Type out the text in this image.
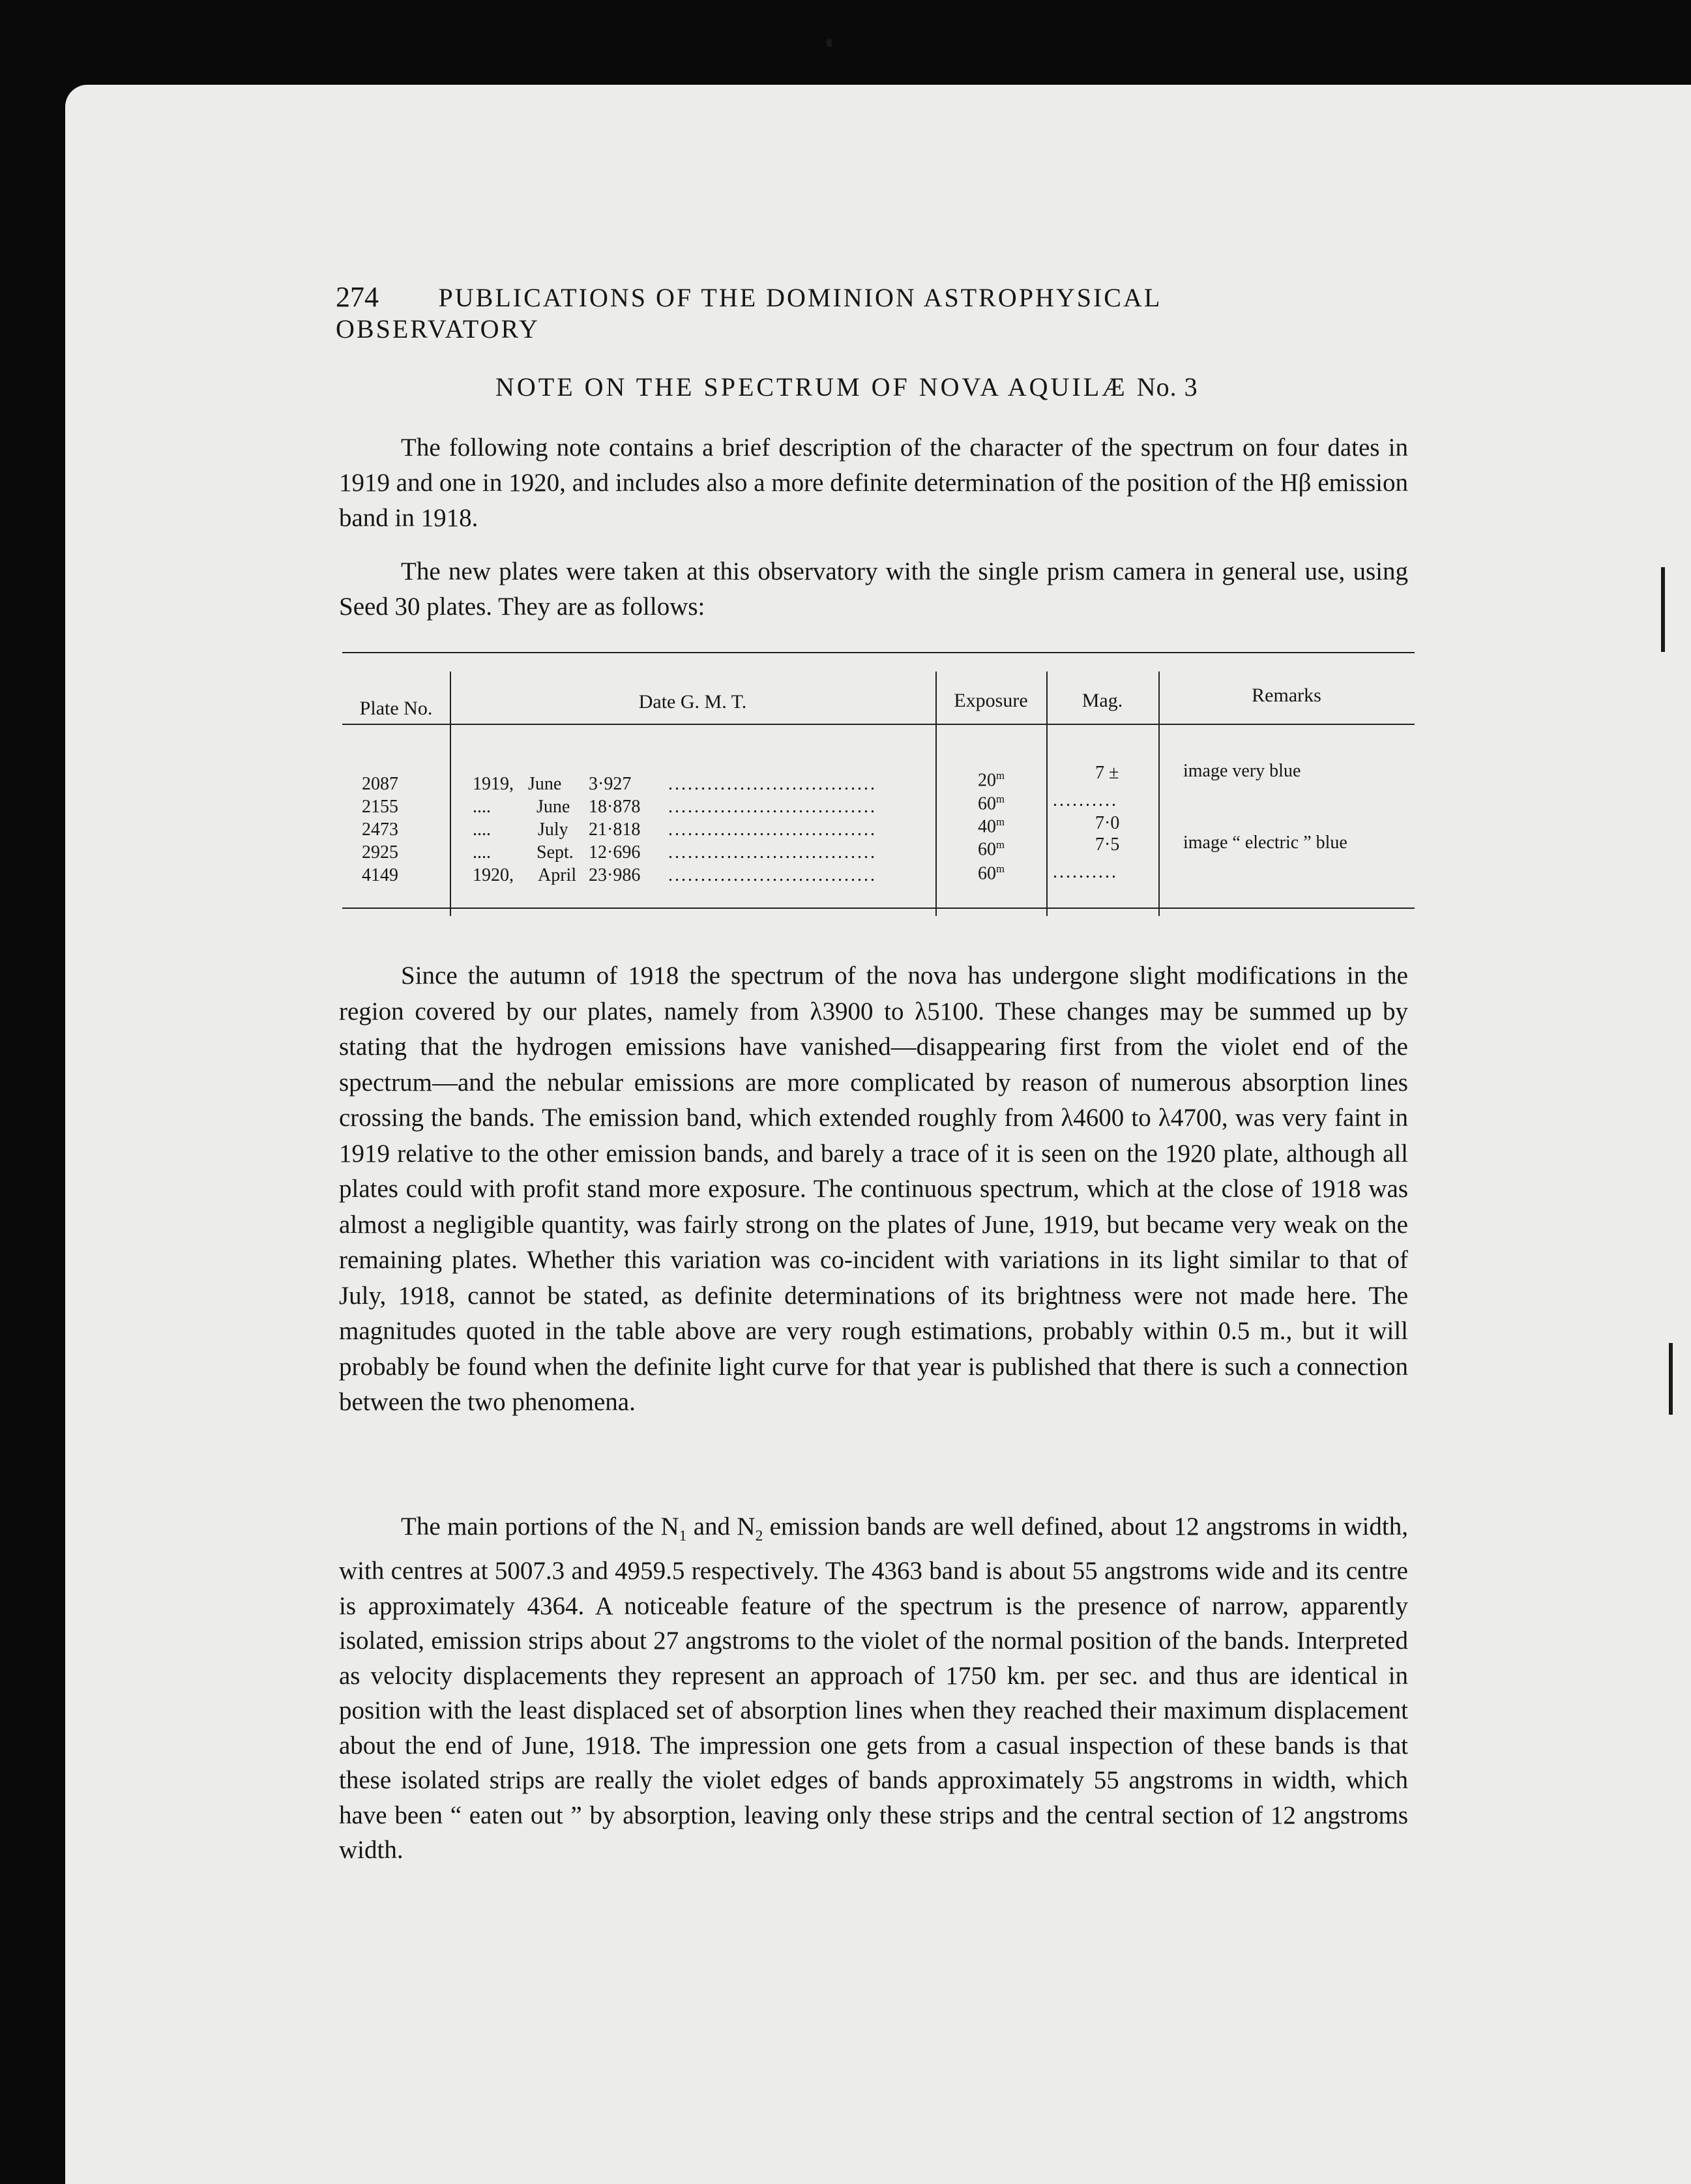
274 PUBLICATIONS OF THE DOMINION ASTROPHYSICAL OBSERVATORY
NOTE ON THE SPECTRUM OF NOVA AQUILÆ No. 3

The following note contains a brief description of the character of the spectrum on four dates in 1919 and one in 1920, and includes also a more definite determination of the position of the Hβ emission band in 1918.

The new plates were taken at this observatory with the single prism camera in general use, using Seed 30 plates. They are as follows:

Plate No.	Date G. M. T.	Exposure	Mag.	Remarks
2087	1919, June 3·927 ................................	20$^m$	7 ±	image very blue
2155	....	June 18·878 ................................	60$^m$	..........
2473	....	July 21·818 ................................	40$^m$	7·0
2925	....	Sept. 12·696 ................................	60$^m$	7·5	image “ electric ” blue
4149	1920, April 23·986 ................................	60$^m$	..........

Since the autumn of 1918 the spectrum of the nova has undergone slight modifications in the region covered by our plates, namely from λ3900 to λ5100. These changes may be summed up by stating that the hydrogen emissions have vanished—disappearing first from the violet end of the spectrum—and the nebular emissions are more complicated by reason of numerous absorption lines crossing the bands. The emission band, which extended roughly from λ4600 to λ4700, was very faint in 1919 relative to the other emission bands, and barely a trace of it is seen on the 1920 plate, although all plates could with profit stand more exposure. The continuous spectrum, which at the close of 1918 was almost a negligible quantity, was fairly strong on the plates of June, 1919, but became very weak on the remaining plates. Whether this variation was co-incident with variations in its light similar to that of July, 1918, cannot be stated, as definite determinations of its brightness were not made here. The magnitudes quoted in the table above are very rough estimations, probably within 0.5 m., but it will probably be found when the definite light curve for that year is published that there is such a connection between the two phenomena.

The main portions of the $N_1$ and $N_2$ emission bands are well defined, about 12 angstroms in width, with centres at 5007.3 and 4959.5 respectively. The 4363 band is about 55 angstroms wide and its centre is approximately 4364. A noticeable feature of the spectrum is the presence of narrow, apparently isolated, emission strips about 27 angstroms to the violet of the normal position of the bands. Interpreted as velocity displacements they represent an approach of 1750 km. per sec. and thus are identical in position with the least displaced set of absorption lines when they reached their maximum displacement about the end of June, 1918. The impression one gets from a casual inspection of these bands is that these isolated strips are really the violet edges of bands approximately 55 angstroms in width, which have been “ eaten out ” by absorption, leaving only these strips and the central section of 12 angstroms width.
